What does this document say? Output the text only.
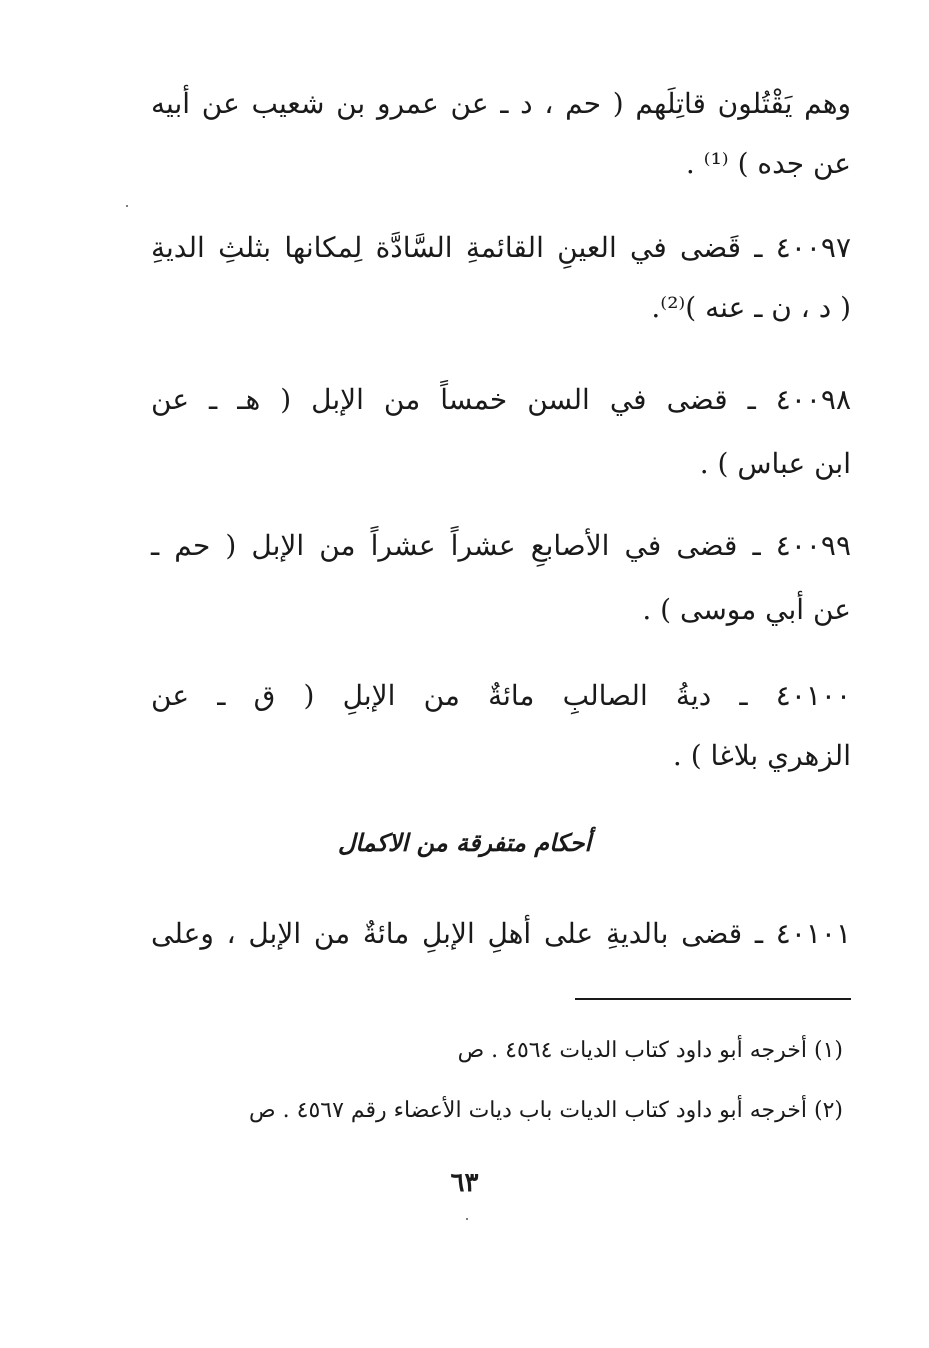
وهم يَقْتُلون قاتِلَهم ( حم ، د ـ عن عمرو بن شعيب عن أبيه
عن جده ) ⁽¹⁾ .
٤٠٠٩٧ ـ قَضى في العينِ القائمةِ السَّادَّة لِمكانها بثلثِ الديةِ
( د ، ن ـ عنه )⁽²⁾.
٤٠٠٩٨ ـ قضى في السن خمساً من الإبل ( هـ ـ عن
ابن عباس ) .
٤٠٠٩٩ ـ قضى في الأصابعِ عشراً عشراً من الإبل ( حم ـ
عن أبي موسى ) .
٤٠١٠٠ ـ ديةُ الصالبِ مائةٌ من الإبلِ ( ق ـ عن
الزهري بلاغا ) .
أحكام متفرقة من الاكمال
٤٠١٠١ ـ قضى بالديةِ على أهلِ الإبلِ مائةٌ من الإبل ، وعلى
(١) أخرجه أبو داود كتاب الديات ٤٥٦٤ . ص
(٢) أخرجه أبو داود كتاب الديات باب ديات الأعضاء رقم ٤٥٦٧ . ص
٦٣
